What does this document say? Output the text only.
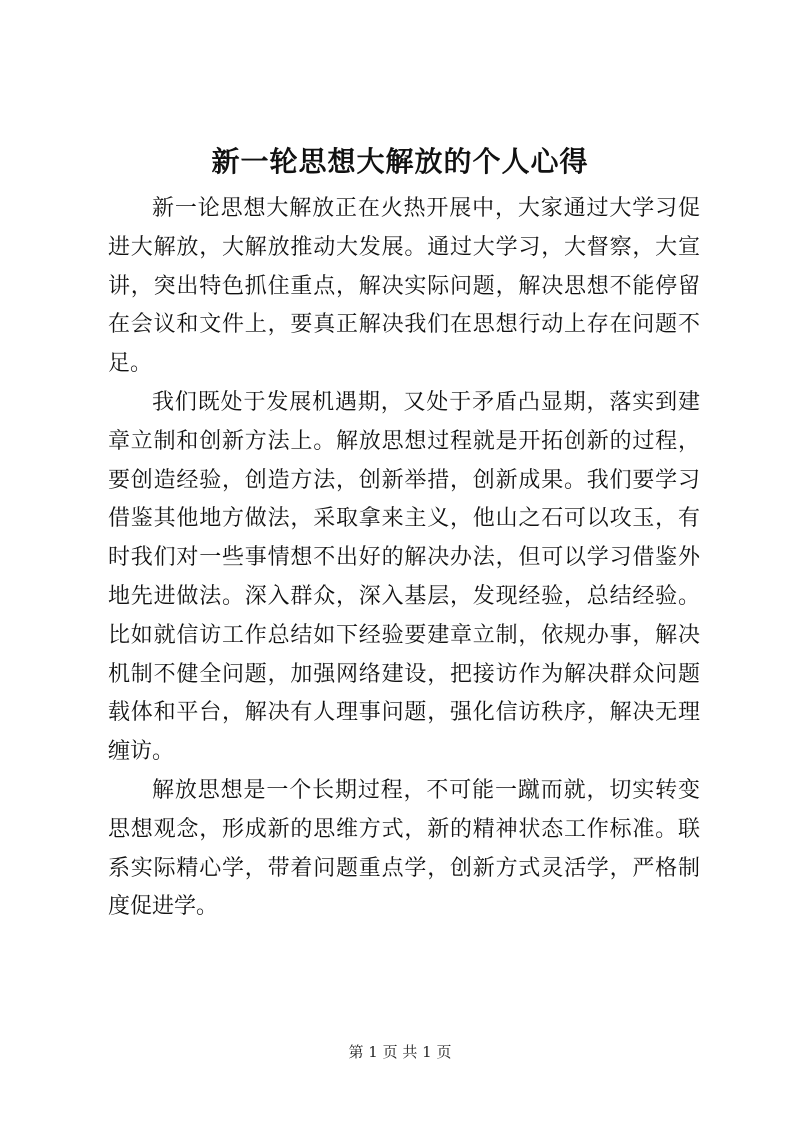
新一轮思想大解放的个人心得

新一论思想大解放正在火热开展中，大家通过大学习促进大解放，大解放推动大发展。通过大学习，大督察，大宣讲，突出特色抓住重点，解决实际问题，解决思想不能停留在会议和文件上，要真正解决我们在思想行动上存在问题不足。

我们既处于发展机遇期，又处于矛盾凸显期，落实到建章立制和创新方法上。解放思想过程就是开拓创新的过程，要创造经验，创造方法，创新举措，创新成果。我们要学习借鉴其他地方做法，采取拿来主义，他山之石可以攻玉，有时我们对一些事情想不出好的解决办法，但可以学习借鉴外地先进做法。深入群众，深入基层，发现经验，总结经验。比如就信访工作总结如下经验要建章立制，依规办事，解决机制不健全问题，加强网络建设，把接访作为解决群众问题载体和平台，解决有人理事问题，强化信访秩序，解决无理缠访。

解放思想是一个长期过程，不可能一蹴而就，切实转变思想观念，形成新的思维方式，新的精神状态工作标准。联系实际精心学，带着问题重点学，创新方式灵活学，严格制度促进学。

第 1 页 共 1 页
